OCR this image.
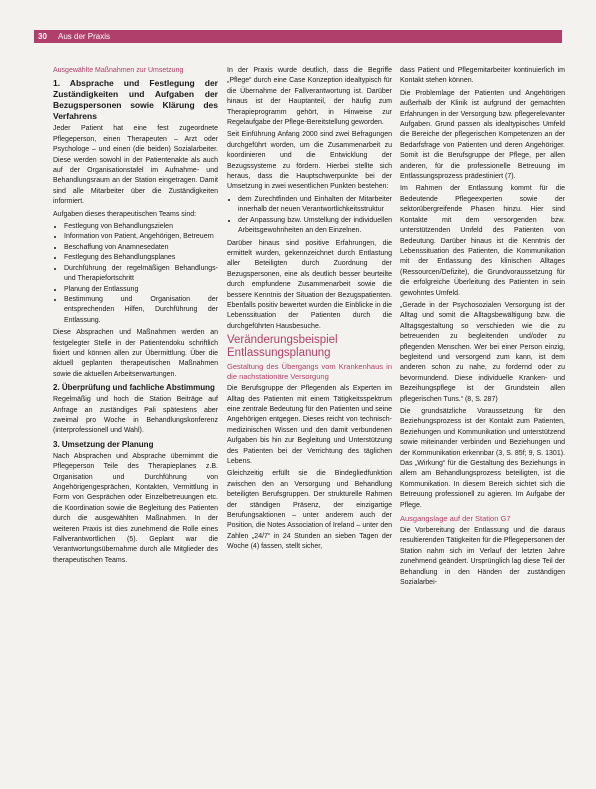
30 Aus der Praxis

Ausgewählte Maßnahmen zur Umsetzung

1. Absprache und Festlegung der Zuständigkeiten und Aufgaben der Bezugspersonen sowie Klärung des Verfahrens

Jeder Patient hat eine fest zugeordnete Pflegeperson, einen Therapeuten – Arzt oder Psychologe – und einen (die beiden) Sozialarbeiter. Diese werden sowohl in der Patientenakte als auch auf der Organisationstafel im Aufnahme- und Behandlungsraum an der Station eingetragen. Damit sind alle Mitarbeiter über die Zuständigkeiten informiert.

Aufgaben dieses therapeutischen Teams sind:

• Festlegung von Behandlungszielen
• Information von Patient, Angehörigen, Betreuern
• Beschaffung von Anamnesedaten
• Festlegung des Behandlungsplanes
• Durchführung der regelmäßigen Behandlungs- und Therapiefortschritt
• Planung der Entlassung
• Bestimmung und Organisation der entsprechenden Hilfen, Durchführung der Entlassung.

Diese Absprachen und Maßnahmen werden an festgelegter Stelle in der Patientendoku schriftlich fixiert und können allen zur Übermittlung. Über die aktuell geplanten therapeutischen Maßnahmen sowie die aktuellen Arbeitserwartungen.

2. Überprüfung und fachliche Abstimmung

Regelmäßig und hoch die Station Beiträge auf Anfrage an zuständiges Pali spätestens aber zweimal pro Woche in Behandlungskonferenz (interprofessionell und Wahl).

3. Umsetzung der Planung

Nach Absprachen und Absprache übernimmt die Pflegeperson Teile des Therapieplanes z.B. Organisation und Durchführung von Angehörigengesprächen, Kontakten, Vermittlung in Form von Gesprächen oder Einzelbetreuungen etc. die Koordination sowie die Begleitung des Patienten durch die ausgewählten Maßnahmen. In der weiteren Praxis ist dies zunehmend die Rolle eines Fallverantwortlichen (5). Geplant war die Verantwortungsübernahme durch alle Mitglieder des therapeutischen Teams.

In der Praxis wurde deutlich, dass die Begriffe „Pflege“ durch eine Case Konzeption idealtypisch für die Übernahme der Fallverantwortung ist. Darüber hinaus ist der Hauptanteil, der häufig zum Therapieprogramm gehört, in Hinweise zur Regelaufgabe der Pflege-Bereitstellung geworden.

Seit Einführung Anfang 2000 sind zwei Befragungen durchgeführt worden, um die Zusammenarbeit zu koordinieren und die Entwicklung der Bezugssysteme zu fördern. Hierbei stellte sich heraus, dass die Hauptschwerpunkte bei der Umsetzung in zwei wesentlichen Punkten bestehen:

• dem Zurechtfinden und Einhalten der Mitarbeiter innerhalb der neuen Verantwortlichkeitsstruktur
• der Anpassung bzw. Umstellung der individuellen Arbeitsgewohnheiten an den Einzelnen.

Darüber hinaus sind positive Erfahrungen, die ermittelt wurden, gekennzeichnet durch Entlastung aller Beteiligten durch Zuordnung der Bezugspersonen, eine als deutlich besser beurteilte durch empfundene Zusammenarbeit sowie die bessere Kenntnis der Situation der Bezugspatienten. Ebenfalls positiv bewertet wurden die Einblicke in die Lebenssituation der Patienten durch die durchgeführten Hausbesuche.

Veränderungsbeispiel Entlassungsplanung

Gestaltung des Übergangs vom Krankenhaus in die nachstationäre Versorgung

Die Berufsgruppe der Pflegenden als Experten im Alltag des Patienten mit einem Tätigkeitsspektrum eine zentrale Bedeutung für den Patienten und seine Angehörigen entgegen. Dieses reicht von technisch-medizinischen Wissen und den damit verbundenen Aufgaben bis hin zur Begleitung und Unterstützung des Patienten bei der Verrichtung des täglichen Lebens.

Gleichzeitig erfüllt sie die Bindegliedfunktion zwischen den an Versorgung und Behandlung beteiligten Berufsgruppen. Der strukturelle Rahmen der ständigen Präsenz, der einzigartige Berufungsaktionen – unter anderem auch der Position, die Notes Association of Ireland – unter den Zahlen „24/7“ in 24 Stunden an sieben Tagen der Woche (4) fassen, stellt sicher,

dass Patient und Pflegemitarbeiter kontinuierlich im Kontakt stehen können.

Die Problemlage der Patienten und Angehörigen außerhalb der Klinik ist aufgrund der gemachten Erfahrungen in der Versorgung bzw. pflegerelevanter Aufgaben. Grund passen als idealtypisches Umfeld die Bereiche der pflegerischen Kompetenzen an der Bedarfsfrage von Patienten und deren Angehöriger. Somit ist die Berufsgruppe der Pflege, per allen anderen, für die professionelle Betreuung im Entlassungsprozess prädestiniert (7).

Im Rahmen der Entlassung kommt für die Bedeutende Pflegeexperten sowie der sektorübergreifende Phasen hinzu. Hier sind Kontakte mit dem versorgenden bzw. unterstützenden Umfeld des Patienten von Bedeutung. Darüber hinaus ist die Kenntnis der Lebenssituation des Patienten, die Kommunikation mit der Entlassung des klinischen Alltages (Ressourcen/Defizite), die Grundvoraussetzung für die erfolgreiche Überleitung des Patienten in sein gewohntes Umfeld.

„Gerade in der Psychosozialen Versorgung ist der Alltag und somit die Alltagsbewältigung bzw. die Alltagsgestaltung so verschieden wie die zu betreuenden zu begleitenden und/oder zu pflegenden Menschen. Wer bei einer Person einzig, begleitend und versorgend zum kann, ist dem anderen schon zu nahe, zu fordernd oder zu bevormundend. Diese individuelle Kranken- und Bezeihungspflege ist der Grundstein allen pflegerischen Tuns.“ (8, S. 287)

Die grundsätzliche Voraussetzung für den Beziehungsprozess ist der Kontakt zum Patienten, Beziehungen und Kommunikation und unterstützend sowie miteinander verbinden und Beziehungen und der Kommunikation erkennbar (3, S. 85f; 9, S. 1301). Das „Wirkung“ für die Gestaltung des Beziehungs in allem am Behandlungsprozess beteiligten, ist die Kommunikation. In diesem Bereich sichtet sich die Betreuung professionell zu agieren. Im Aufgabe der Pflege.

Ausgangslage auf der Station G7

Die Vorbereitung der Entlassung und die daraus resultierenden Tätigkeiten für die Pflegepersonen der Station nahm sich im Verlauf der letzten Jahre zunehmend geändert. Ursprünglich lag diese Teil der Behandlung in den Händen der zuständigen Sozialarbei-
